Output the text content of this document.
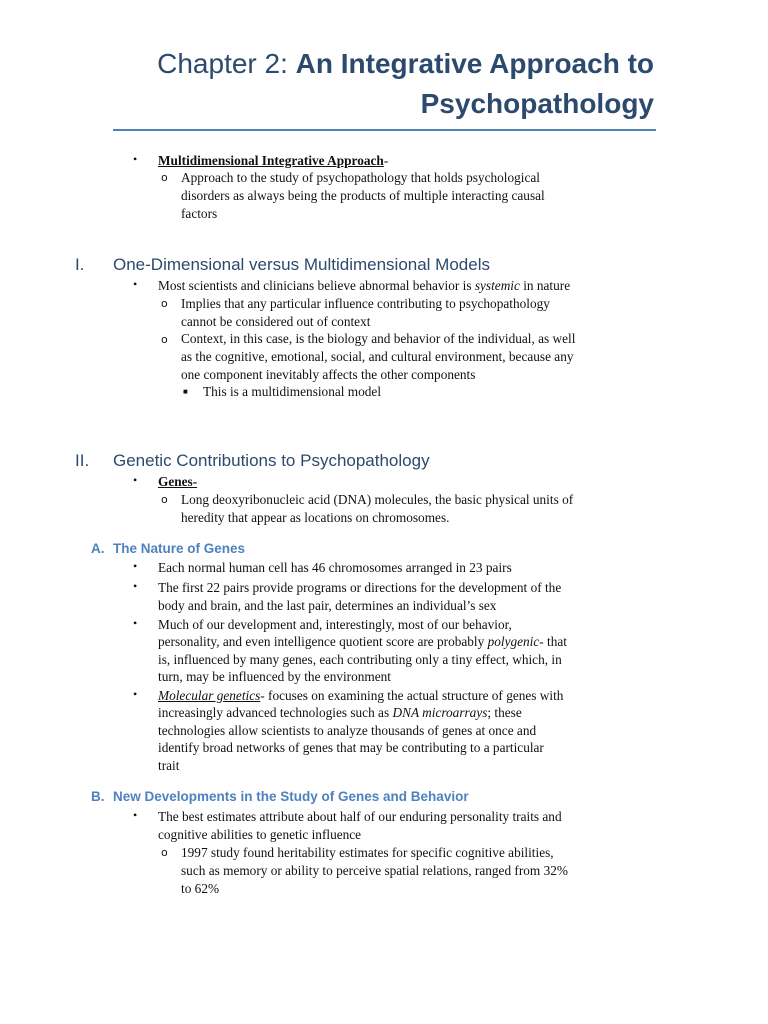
Chapter 2: An Integrative Approach to
Psychopathology
• Multidimensional Integrative Approach-
o Approach to the study of psychopathology that holds psychological
disorders as always being the products of multiple interacting causal
factors
I. One-Dimensional versus Multidimensional Models
• Most scientists and clinicians believe abnormal behavior is systemic in nature
o Implies that any particular influence contributing to psychopathology
cannot be considered out of context
o Context, in this case, is the biology and behavior of the individual, as well
as the cognitive, emotional, social, and cultural environment, because any
one component inevitably affects the other components
■ This is a multidimensional model
II. Genetic Contributions to Psychopathology
• Genes-
o Long deoxyribonucleic acid (DNA) molecules, the basic physical units of
heredity that appear as locations on chromosomes.
A. The Nature of Genes
• Each normal human cell has 46 chromosomes arranged in 23 pairs
• The first 22 pairs provide programs or directions for the development of the
body and brain, and the last pair, determines an individual’s sex
• Much of our development and, interestingly, most of our behavior,
personality, and even intelligence quotient score are probably polygenic- that
is, influenced by many genes, each contributing only a tiny effect, which, in
turn, may be influenced by the environment
• Molecular genetics- focuses on examining the actual structure of genes with
increasingly advanced technologies such as DNA microarrays; these
technologies allow scientists to analyze thousands of genes at once and
identify broad networks of genes that may be contributing to a particular
trait
B. New Developments in the Study of Genes and Behavior
• The best estimates attribute about half of our enduring personality traits and
cognitive abilities to genetic influence
o 1997 study found heritability estimates for specific cognitive abilities,
such as memory or ability to perceive spatial relations, ranged from 32%
to 62%
